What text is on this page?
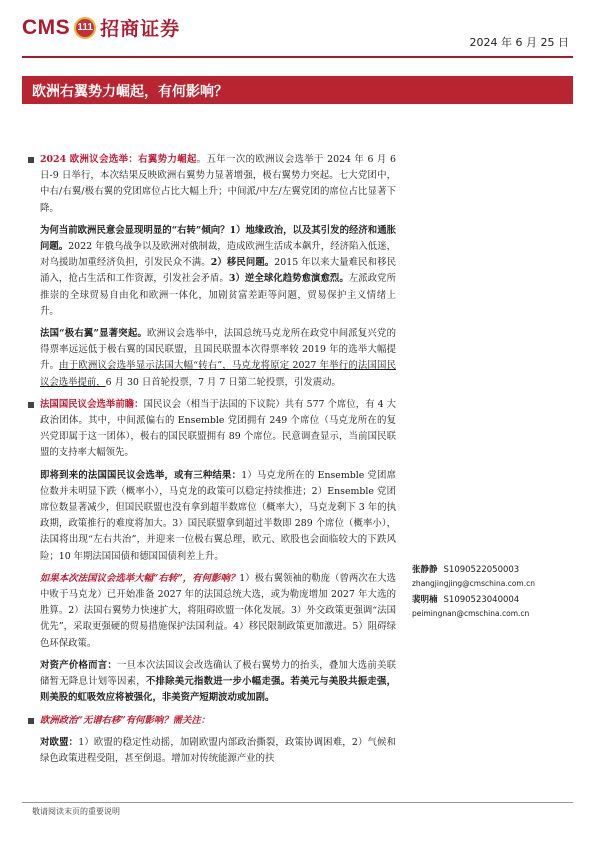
CMS 111 招商证券
2024 年 6 月 25 日
欧洲右翼势力崛起，有何影响？
2024 欧洲议会选举：右翼势力崛起。五年一次的欧洲议会选举于 2024 年 6 月 6 日-9 日举行，本次结果反映欧洲右翼势力显著增强，极右翼势力突起。七大党团中，中右/右翼/极右翼的党团席位占比大幅上升；中间派/中左/左翼党团的席位占比显著下降。
为何当前欧洲民意会显现明显的“右转”倾向？1）地缘政治，以及其引发的经济和通胀问题。2022 年俄乌战争以及欧洲对俄制裁，造成欧洲生活成本飙升，经济陷入低迷，对乌援助加重经济负担，引发民众不满。2）移民问题。2015 年以来大量难民和移民涌入，抢占生活和工作资源，引发社会矛盾。3）逆全球化趋势愈演愈烈。左派政党所推崇的全球贸易自由化和欧洲一体化，加剧贫富差距等问题，贸易保护主义情绪上升。
法国“极右翼”显著突起。欧洲议会选举中，法国总统马克龙所在政党中间派复兴党的得票率远远低于极右翼的国民联盟，且国民联盟本次得票率较 2019 年的选举大幅提升。由于欧洲议会选举显示法国大幅“转右”，马克龙将原定 2027 年举行的法国国民议会选举提前，6 月 30 日首轮投票，7 月 7 日第二轮投票，引发震动。
法国国民议会选举前瞻：国民议会（相当于法国的下议院）共有 577 个席位，有 4 大政治团体。其中，中间派偏右的 Ensemble 党团拥有 249 个席位（马克龙所在的复兴党即属于这一团体），极右的国民联盟拥有 89 个席位。民意调查显示，当前国民联盟的支持率大幅领先。
即将到来的法国国民议会选举，或有三种结果：1）马克龙所在的 Ensemble 党团席位数并未明显下跌（概率小），马克龙的政策可以稳定持续推进；2）Ensemble 党团席位数显著减少，但国民联盟也没有拿到超半数席位（概率大），马克龙剩下 3 年的执政期，政策推行的难度将加大。3）国民联盟拿到超过半数即 289 个席位（概率小），法国将出现“左右共治”，并迎来一位极右翼总理，欧元、欧股也会面临较大的下跌风险；10 年期法国国债和德国国债利差上升。
如果本次法国议会选举大幅“右转”，有何影响？1）极右翼领袖的勒庞（曾两次在大选中败于马克龙）已开始准备 2027 年的法国总统大选，或为勒庞增加 2027 年大选的胜算。2）法国右翼势力快速扩大，将阻碍欧盟一体化发展。3）外交政策更强调“法国优先”，采取更强硬的贸易措施保护法国利益。4）移民限制政策更加激进。5）阻碍绿色环保政策。
对资产价格而言：一旦本次法国议会改选确认了极右翼势力的抬头，叠加大选前美联储暂无降息计划等因素，不排除美元指数进一步小幅走强。若美元与美股共振走强，则美股的虹吸效应将被强化，非美资产短期波动或加剧。
欧洲政治“无谱右移”有何影响？需关注：
对欧盟：1）欧盟的稳定性动摇，加剧欧盟内部政治撕裂，政策协调困难，2）气候和绿色政策进程受阻，甚至倒退。增加对传统能源产业的扶
张静静 S1090522050003
zhangjingjing@cmschina.com.cn
裴明楠 S1090523040004
peimingnan@cmschina.com.cn
敬请阅读末页的重要说明
